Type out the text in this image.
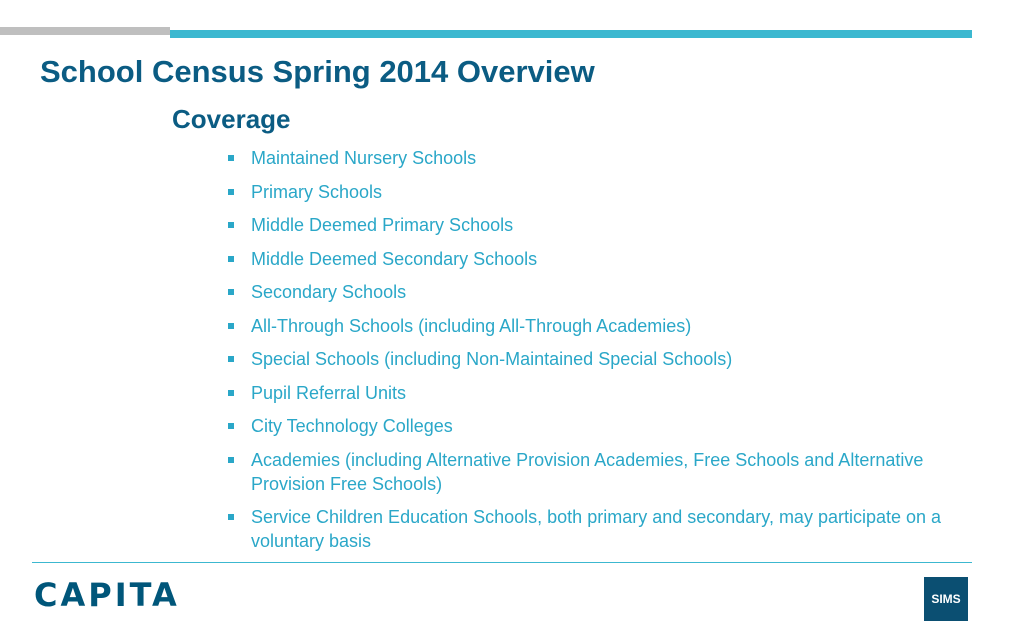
School Census Spring 2014 Overview
Coverage
Maintained Nursery Schools
Primary Schools
Middle Deemed Primary Schools
Middle Deemed Secondary Schools
Secondary Schools
All-Through Schools (including All-Through Academies)
Special Schools (including Non-Maintained Special Schools)
Pupil Referral Units
City Technology Colleges
Academies (including Alternative Provision Academies, Free Schools and Alternative Provision Free Schools)
Service Children Education Schools, both primary and secondary, may participate on a voluntary basis
CAPITA	SIMS
